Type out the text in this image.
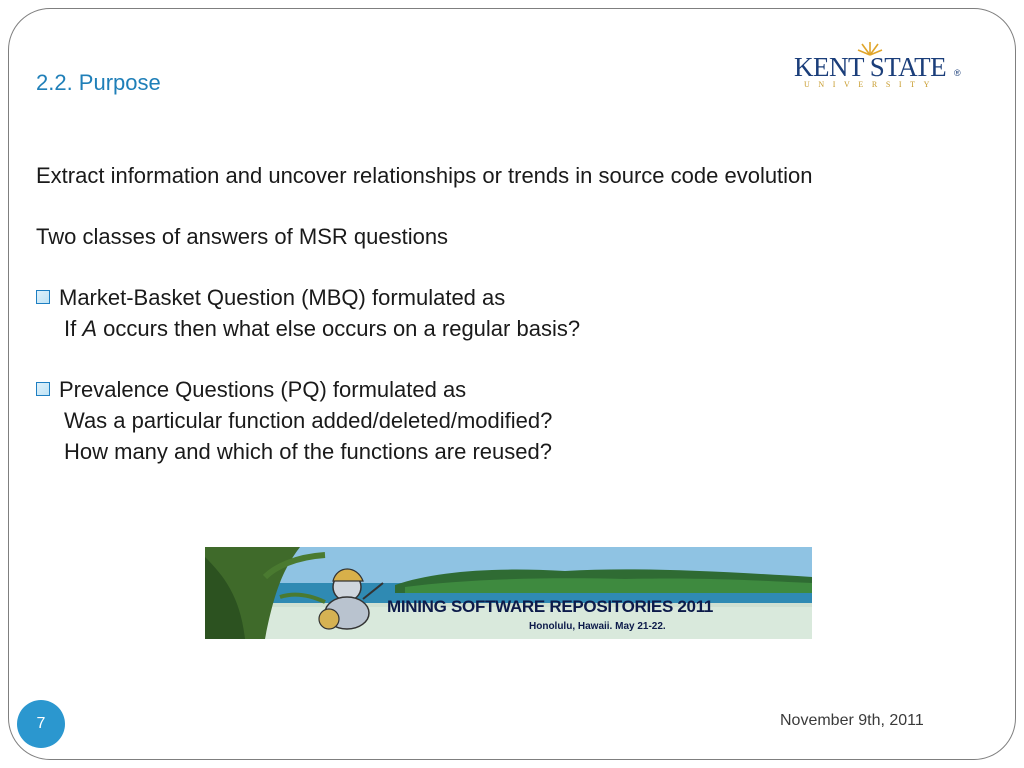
2.2. Purpose
KENT STATE ®
UNIVERSITY
Extract information and uncover relationships or trends in source code evolution
Two classes of answers of MSR questions
Market-Basket Question (MBQ) formulated as
If A occurs then what else occurs on a regular basis?
Prevalence Questions (PQ) formulated as
Was a particular function added/deleted/modified?
How many and which of the functions are reused?
MINING SOFTWARE REPOSITORIES 2011
Honolulu, Hawaii. May 21-22.
7	November 9th, 2011
